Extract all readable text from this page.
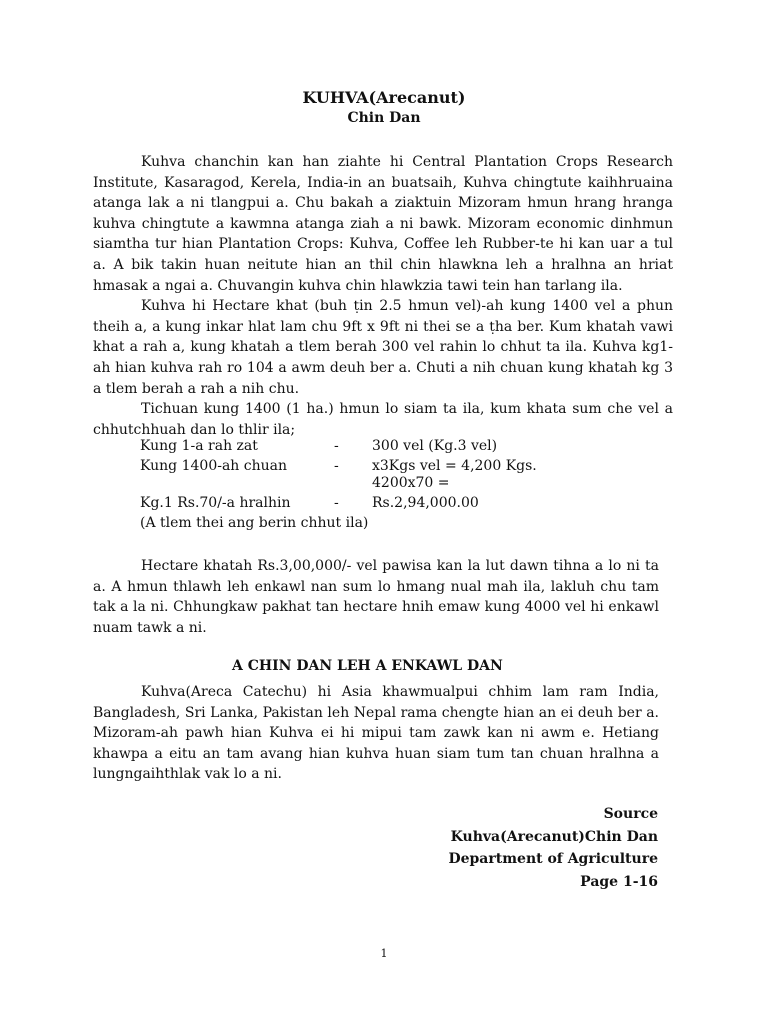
KUHVA(Arecanut)
Chin Dan

Kuhva chanchin kan han ziahte hi Central Plantation Crops Research Institute, Kasaragod, Kerela, India-in an buatsaih, Kuhva chingtute kaihhruaina atanga lak a ni tlangpui a. Chu bakah a ziaktuin Mizoram hmun hrang hranga kuhva chingtute a kawmna atanga ziah a ni bawk. Mizoram economic dinhmun siamtha tur hian Plantation Crops: Kuhva, Coffee leh Rubber-te hi kan uar a tul a. A bik takin huan neitute hian an thil chin hlawkna leh a hralhna an hriat hmasak a ngai a. Chuvangin kuhva chin hlawkzia tawi tein han tarlang ila.

Kuhva hi Hectare khat (buh ṭin 2.5 hmun vel)-ah kung 1400 vel a phun theih a, a kung inkar hlat lam chu 9ft x 9ft ni thei se a ṭha ber. Kum khatah vawi khat a rah a, kung khatah a tlem berah 300 vel rahin lo chhut ta ila. Kuhva kg1-ah hian kuhva rah ro 104 a awm deuh ber a. Chuti a nih chuan kung khatah kg 3 a tlem berah a rah a nih chu.

Tichuan kung 1400 (1 ha.) hmun lo siam ta ila, kum khata sum che vel a chhutchhuah dan lo thlir ila;

Kung 1-a rah zat	- 300 vel (Kg.3 vel)
Kung 1400-ah chuan	- x3Kgs vel = 4,200 Kgs.
4200x70 =
Kg.1 Rs.70/-a hralhin	- Rs.2,94,000.00
(A tlem thei ang berin chhut ila)

Hectare khatah Rs.3,00,000/- vel pawisa kan la lut dawn tihna a lo ni ta a. A hmun thlawh leh enkawl nan sum lo hmang nual mah ila, lakluh chu tam tak a la ni. Chhungkaw pakhat tan hectare hnih emaw kung 4000 vel hi enkawl nuam tawk a ni.

A CHIN DAN LEH A ENKAWL DAN

Kuhva(Areca Catechu) hi Asia khawmualpui chhim lam ram India, Bangladesh, Sri Lanka, Pakistan leh Nepal rama chengte hian an ei deuh ber a. Mizoram-ah pawh hian Kuhva ei hi mipui tam zawk kan ni awm e. Hetiang khawpa a eitu an tam avang hian kuhva huan siam tum tan chuan hralhna a lungngaihthlak vak lo a ni.

Source
Kuhva(Arecanut)Chin Dan
Department of Agriculture
Page 1-16
1
